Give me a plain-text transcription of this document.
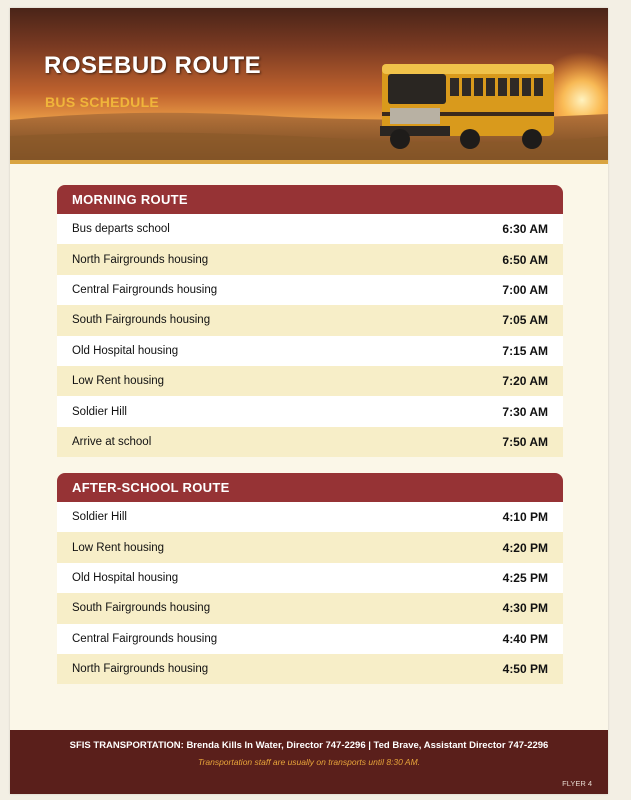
ROSEBUD ROUTE
BUS SCHEDULE
MORNING ROUTE
Bus departs school	6:30 AM
North Fairgrounds housing	6:50 AM
Central Fairgrounds housing	7:00 AM
South Fairgrounds housing	7:05 AM
Old Hospital housing	7:15 AM
Low Rent housing	7:20 AM
Soldier Hill	7:30 AM
Arrive at school	7:50 AM
AFTER-SCHOOL ROUTE
Soldier Hill	4:10 PM
Low Rent housing	4:20 PM
Old Hospital housing	4:25 PM
South Fairgrounds housing	4:30 PM
Central Fairgrounds housing	4:40 PM
North Fairgrounds housing	4:50 PM
SFIS TRANSPORTATION: Brenda Kills In Water, Director 747-2296 | Ted Brave, Assistant Director 747-2296
Transportation staff are usually on transports until 8:30 AM.
FLYER 4
